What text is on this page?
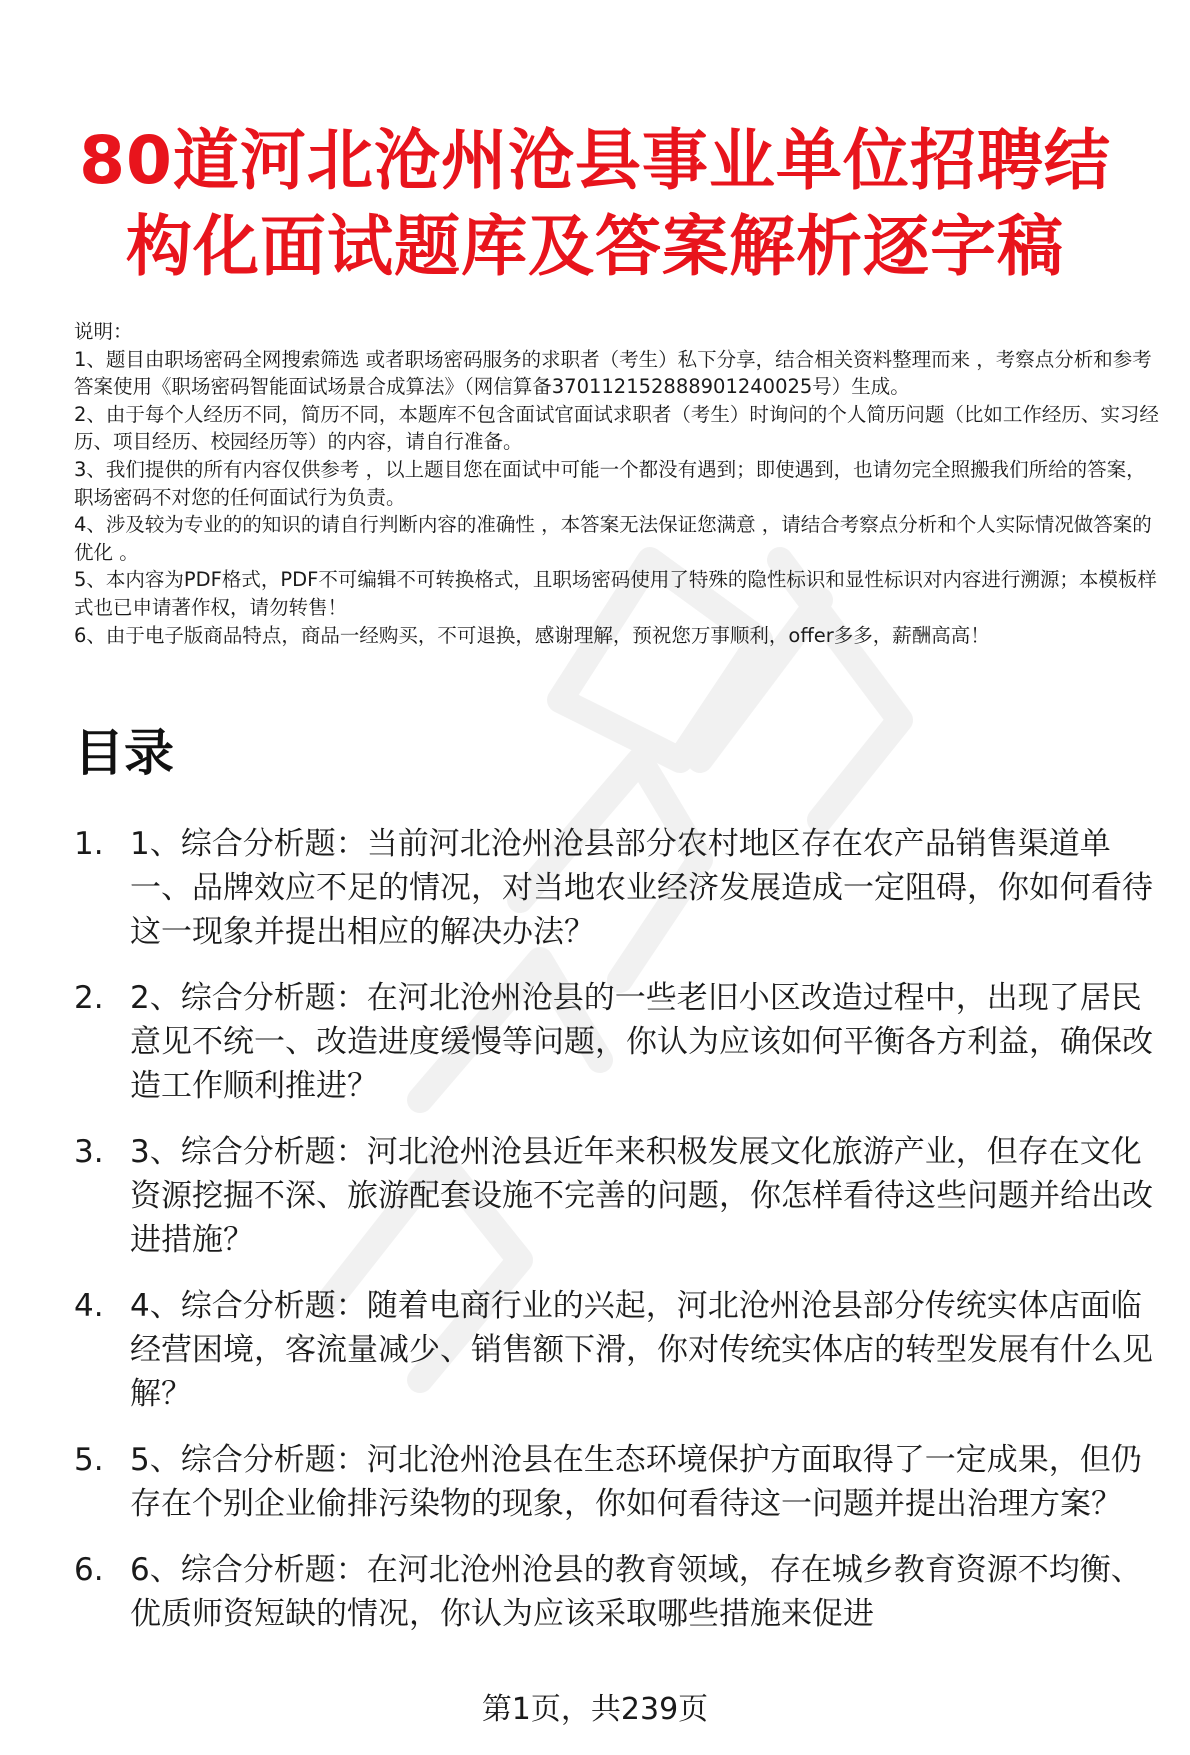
80道河北沧州沧县事业单位招聘结构化面试题库及答案解析逐字稿

说明：

1、题目由职场密码全网搜索筛选 或者职场密码服务的求职者（考生）私下分享，结合相关资料整理而来 ，考察点分析和参考答案使用《职场密码智能面试场景合成算法》（网信算备370112152888901240025号）生成。

2、由于每个人经历不同，简历不同，本题库不包含面试官面试求职者（考生）时询问的个人简历问题（比如工作经历、实习经历、项目经历、校园经历等）的内容，请自行准备。

3、我们提供的所有内容仅供参考 ，以上题目您在面试中可能一个都没有遇到；即使遇到，也请勿完全照搬我们所给的答案，职场密码不对您的任何面试行为负责。

4、涉及较为专业的的知识的请自行判断内容的准确性 ，本答案无法保证您满意 ，请结合考察点分析和个人实际情况做答案的优化 。

5、本内容为PDF格式，PDF不可编辑不可转换格式，且职场密码使用了特殊的隐性标识和显性标识对内容进行溯源；本模板样式也已申请著作权，请勿转售！

6、由于电子版商品特点，商品一经购买，不可退换，感谢理解，预祝您万事顺利，offer多多，薪酬高高！

目录
1. 1、综合分析题：当前河北沧州沧县部分农村地区存在农产品销售渠道单一、品牌效应不足的情况，对当地农业经济发展造成一定阻碍，你如何看待这一现象并提出相应的解决办法？
2. 2、综合分析题：在河北沧州沧县的一些老旧小区改造过程中，出现了居民意见不统一、改造进度缓慢等问题，你认为应该如何平衡各方利益，确保改造工作顺利推进？
3. 3、综合分析题：河北沧州沧县近年来积极发展文化旅游产业，但存在文化资源挖掘不深、旅游配套设施不完善的问题，你怎样看待这些问题并给出改进措施？
4. 4、综合分析题：随着电商行业的兴起，河北沧州沧县部分传统实体店面临经营困境，客流量减少、销售额下滑，你对传统实体店的转型发展有什么见解？
5. 5、综合分析题：河北沧州沧县在生态环境保护方面取得了一定成果，但仍存在个别企业偷排污染物的现象，你如何看待这一问题并提出治理方案？
6. 6、综合分析题：在河北沧州沧县的教育领域，存在城乡教育资源不均衡、优质师资短缺的情况，你认为应该采取哪些措施来促进
第1页，共239页
